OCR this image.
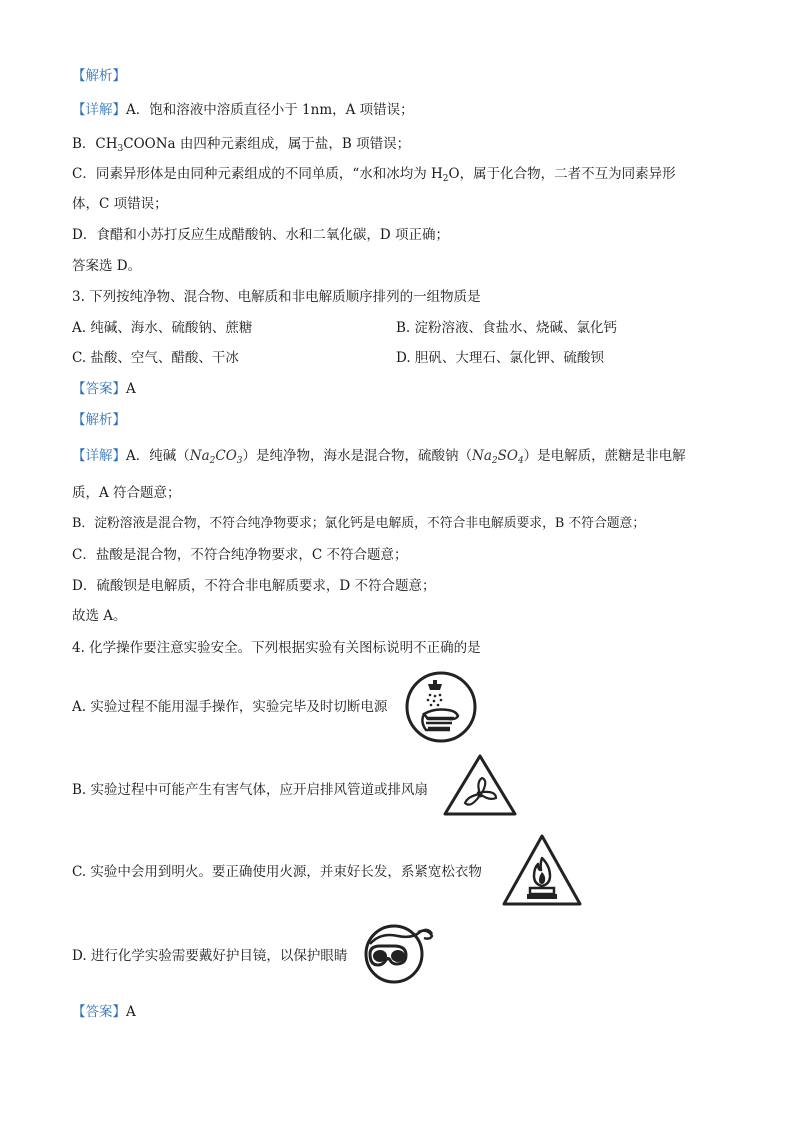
【解析】
【详解】A．饱和溶液中溶质直径小于 1nm，A 项错误；
B．$CH_3COONa$ 由四种元素组成，属于盐，B 项错误；
C．同素异形体是由同种元素组成的不同单质，“水和冰均为 $H_2O$，属于化合物，二者不互为同素异形
体，C 项错误；
D．食醋和小苏打反应生成醋酸钠、水和二氧化碳，D 项正确；
答案选 D。
3. 下列按纯净物、混合物、电解质和非电解质顺序排列的一组物质是
A. 纯碱、海水、硫酸钠、蔗糖	B. 淀粉溶液、食盐水、烧碱、氯化钙
C. 盐酸、空气、醋酸、干冰	D. 胆矾、大理石、氯化钾、硫酸钡
【答案】A
【解析】
【详解】A．纯碱$(Na_2CO_3)$是纯净物，海水是混合物，硫酸钠$(Na_2SO_4)$是电解质，蔗糖是非电解
质，A 符合题意；
B．淀粉溶液是混合物，不符合纯净物要求；氯化钙是电解质，不符合非电解质要求，B 不符合题意；
C．盐酸是混合物，不符合纯净物要求，C 不符合题意；
D．硫酸钡是电解质，不符合非电解质要求，D 不符合题意；
故选 A。
4. 化学操作要注意实验安全。下列根据实验有关图标说明不正确的是
A. 实验过程不能用湿手操作，实验完毕及时切断电源
B. 实验过程中可能产生有害气体，应开启排风管道或排风扇
C. 实验中会用到明火。要正确使用火源，并束好长发，系紧宽松衣物
D. 进行化学实验需要戴好护目镜，以保护眼睛
【答案】A
